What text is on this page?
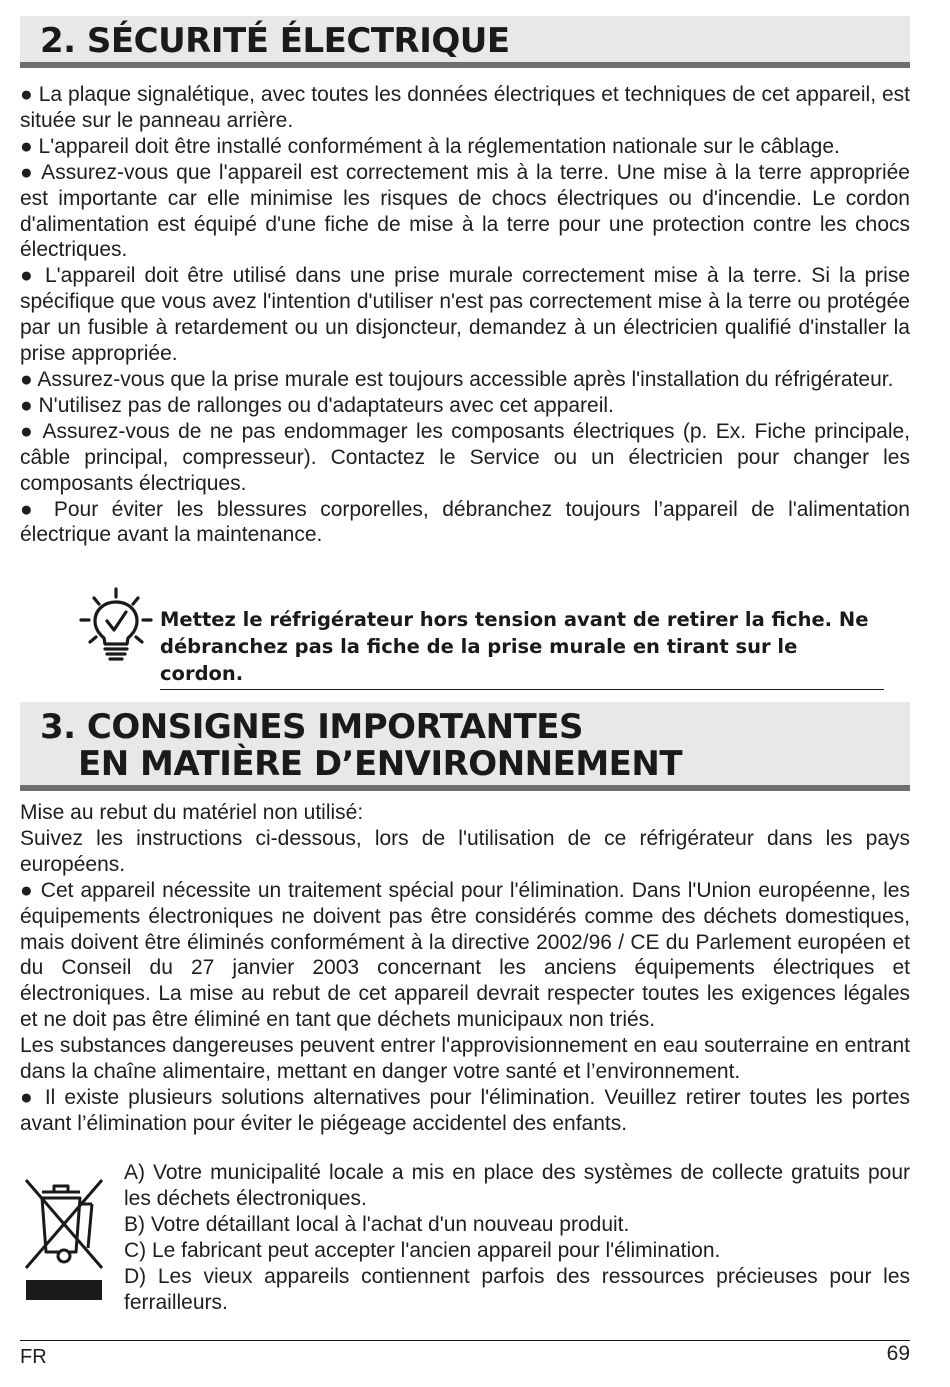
2. SÉCURITÉ ÉLECTRIQUE

● La plaque signalétique, avec toutes les données électriques et techniques de cet appareil, est située sur le panneau arrière.

● L'appareil doit être installé conformément à la réglementation nationale sur le câblage.

● Assurez-vous que l'appareil est correctement mis à la terre. Une mise à la terre appropriée est importante car elle minimise les risques de chocs électriques ou d'incendie. Le cordon d'alimentation est équipé d'une fiche de mise à la terre pour une protection contre les chocs électriques.

● L'appareil doit être utilisé dans une prise murale correctement mise à la terre. Si la prise spécifique que vous avez l'intention d'utiliser n'est pas correctement mise à la terre ou protégée par un fusible à retardement ou un disjoncteur, demandez à un électricien qualifié d'installer la prise appropriée.

● Assurez-vous que la prise murale est toujours accessible après l'installation du réfrigérateur.

● N'utilisez pas de rallonges ou d'adaptateurs avec cet appareil.

● Assurez-vous de ne pas endommager les composants électriques (p. Ex. Fiche principale, câble principal, compresseur). Contactez le Service ou un électricien pour changer les composants électriques.

● Pour éviter les blessures corporelles, débranchez toujours l’appareil de l'alimentation électrique avant la maintenance.

Mettez le réfrigérateur hors tension avant de retirer la fiche. Ne débranchez pas la fiche de la prise murale en tirant sur le cordon.
3. CONSIGNES IMPORTANTES
EN MATIÈRE D’ENVIRONNEMENT

Mise au rebut du matériel non utilisé:

Suivez les instructions ci-dessous, lors de l'utilisation de ce réfrigérateur dans les pays européens.

● Cet appareil nécessite un traitement spécial pour l'élimination. Dans l'Union européenne, les équipements électroniques ne doivent pas être considérés comme des déchets domestiques, mais doivent être éliminés conformément à la directive 2002/96 / CE du Parlement européen et du Conseil du 27 janvier 2003 concernant les anciens équipements électriques et électroniques. La mise au rebut de cet appareil devrait respecter toutes les exigences légales et ne doit pas être éliminé en tant que déchets municipaux non triés.

Les substances dangereuses peuvent entrer l'approvisionnement en eau souterraine en entrant dans la chaîne alimentaire, mettant en danger votre santé et l’environnement.

● Il existe plusieurs solutions alternatives pour l'élimination. Veuillez retirer toutes les portes avant l’élimination pour éviter le piégeage accidentel des enfants.

A) Votre municipalité locale a mis en place des systèmes de collecte gratuits pour les déchets électroniques.

B) Votre détaillant local à l'achat d'un nouveau produit.

C) Le fabricant peut accepter l'ancien appareil pour l'élimination.

D) Les vieux appareils contiennent parfois des ressources précieuses pour les ferrailleurs.

FR	69
